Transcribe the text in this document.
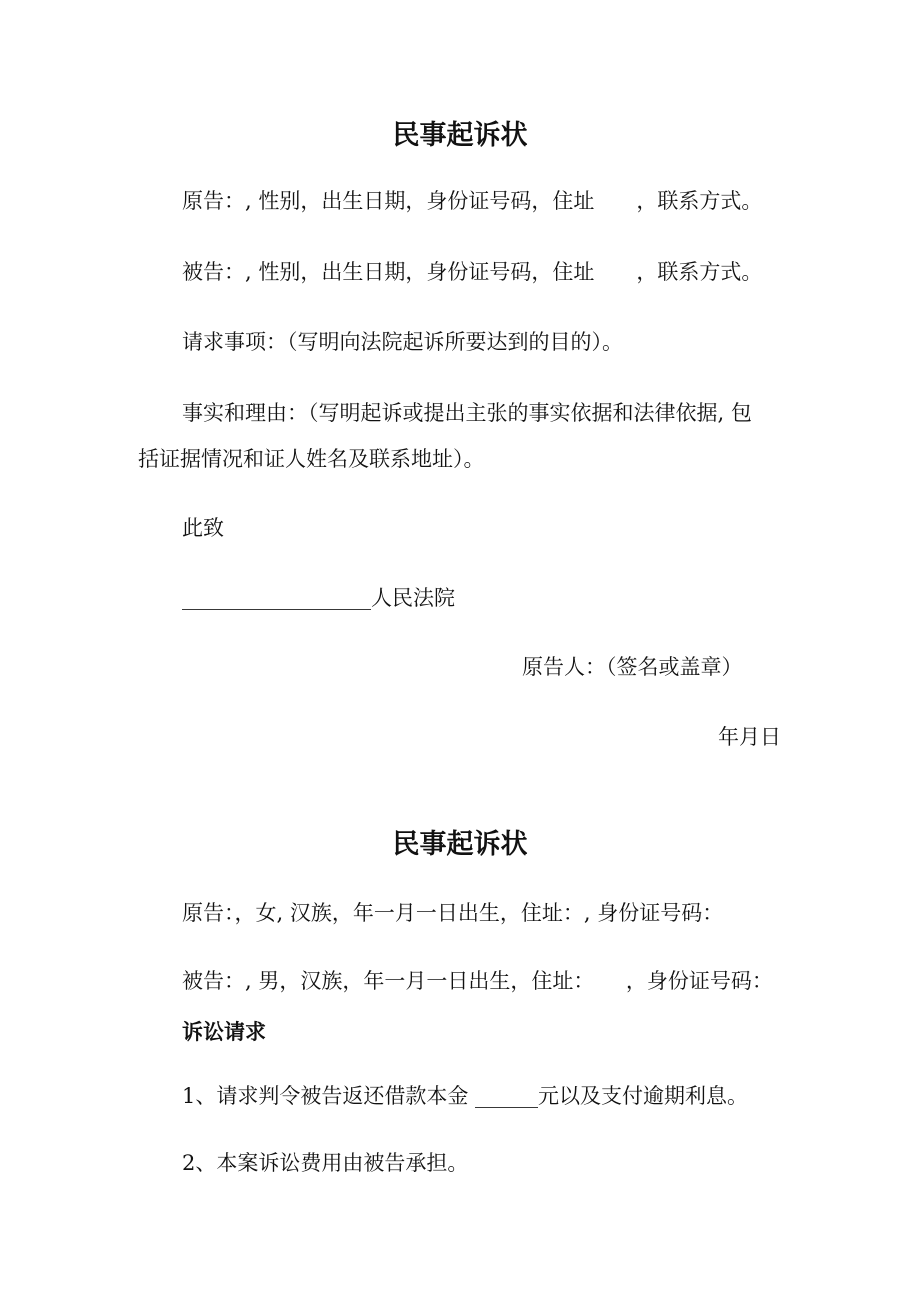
民事起诉状

原告：, 性别，出生日期，身份证号码，住址　　，联系方式。

被告：, 性别，出生日期，身份证号码，住址　　，联系方式。

请求事项：（写明向法院起诉所要达到的目的）。

事实和理由：（写明起诉或提出主张的事实依据和法律依据, 包

括证据情况和证人姓名及联系地址）。

此致

__________________人民法院

原告人：（签名或盖章）

年月日

民事起诉状

原告：，女, 汉族，年一月一日出生，住址：, 身份证号码：

被告：, 男，汉族，年一月一日出生，住址：　　，身份证号码：

诉讼请求

1、请求判令被告返还借款本金 ______元以及支付逾期利息。

2、本案诉讼费用由被告承担。
